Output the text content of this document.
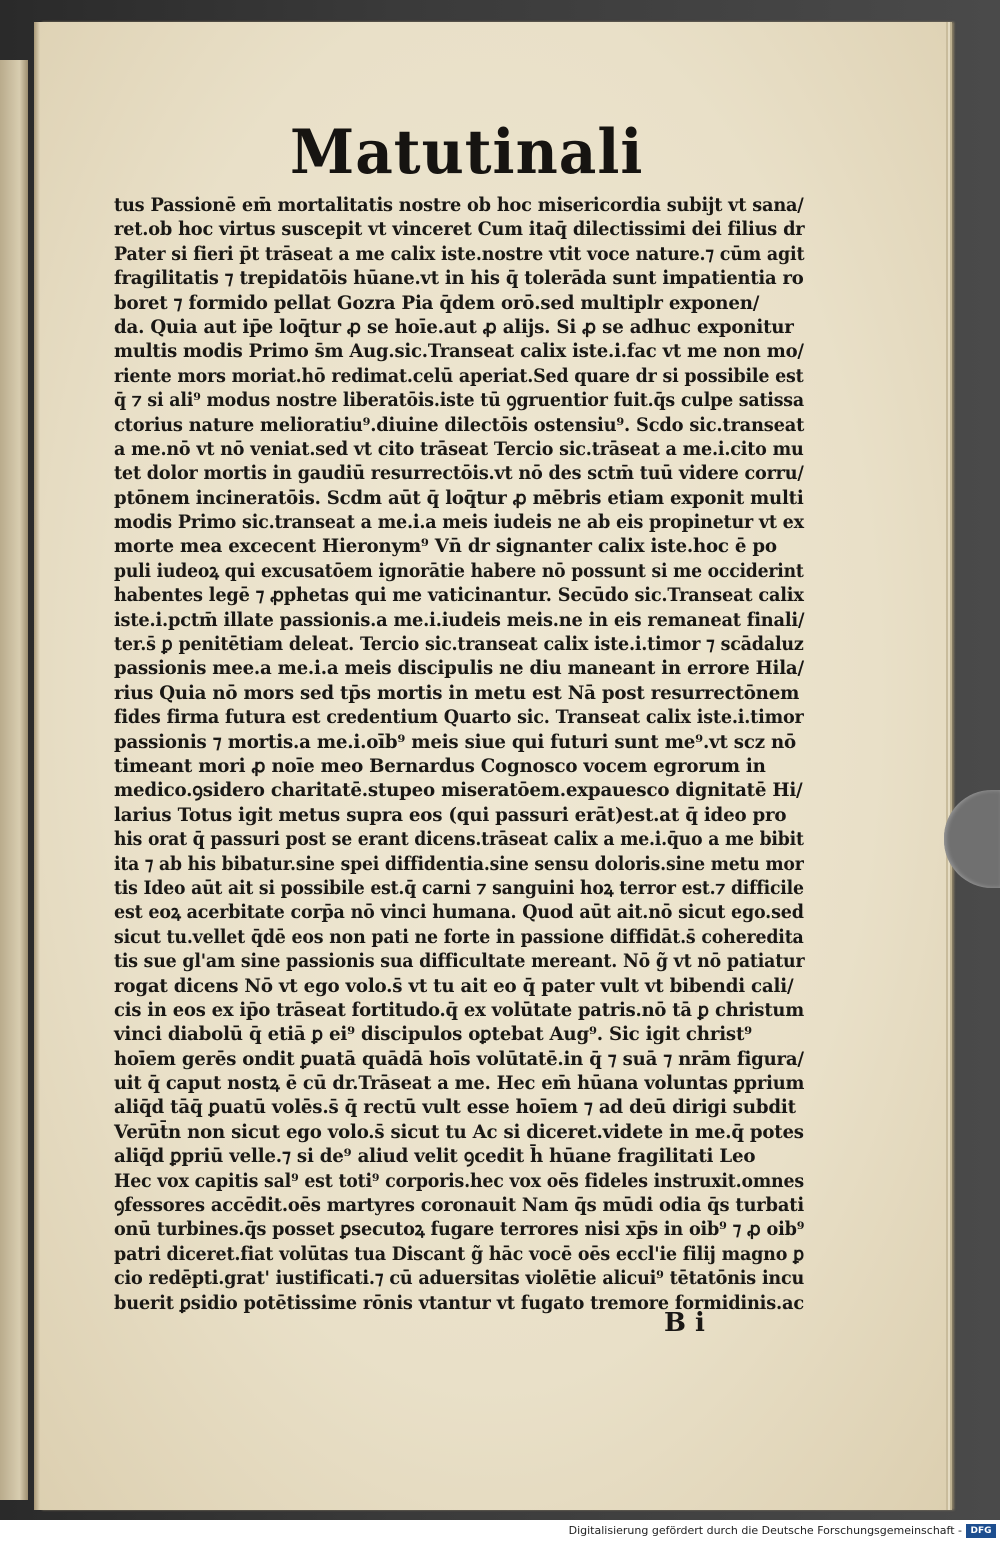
Matutinali
tus Passionē em̄ mortalitatis nostre ob hoc misericordia subijt vt sana/
ret.ob hoc virtus suscepit vt vinceret Cum itaq̄ dilectissimi dei filius dr
Pater si fieri p̄t trāseat a me calix iste.nostre vtit voce nature.⁊ cūm agit
fragilitatis ⁊ trepidatōis hūane.vt in his q̄ tolerāda sunt impatientia ro
boret ⁊ formido pellat Gozra Pia q̄dem orō.sed multiplr exponen/
da. Quia aut ip̄e loq̄tur ꝓ se hoīe.aut ꝓ alijs. Si ꝓ se adhuc exponitur
multis modis Primo s̄m Aug.sic.Transeat calix iste.i.fac vt me non mo/
riente mors moriat.hō redimat.celū aperiat.Sed quare dr si possibile est
q̄ ⁊ si ali⁹ modus nostre liberatōis.iste tū ꝯgruentior fuit.q̄s culpe satissa
ctorius nature melioratiu⁹.diuine dilectōis ostensiu⁹. Scdo sic.transeat
a me.nō vt nō veniat.sed vt cito trāseat Tercio sic.trāseat a me.i.cito mu
tet dolor mortis in gaudiū resurrectōis.vt nō des sctm̄ tuū videre corru/
ptōnem incineratōis. Scdm aūt q̄ loq̄tur ꝓ mēbris etiam exponit multi
modis Primo sic.transeat a me.i.a meis iudeis ne ab eis propinetur vt ex
morte mea excecent Hieronym⁹ Vn̄ dr signanter calix iste.hoc ē po
puli iudeoꝝ qui excusatōem ignorātie habere nō possunt si me occiderint
habentes legē ⁊ ꝓphetas qui me vaticinantur. Secūdo sic.Transeat calix
iste.i.pctm̄ illate passionis.a me.i.iudeis meis.ne in eis remaneat finali/
ter.s̄ ꝑ penitētiam deleat. Tercio sic.transeat calix iste.i.timor ⁊ scādaluz
passionis mee.a me.i.a meis discipulis ne diu maneant in errore Hila/
rius Quia nō mors sed tp̄s mortis in metu est Nā post resurrectōnem
fides firma futura est credentium Quarto sic. Transeat calix iste.i.timor
passionis ⁊ mortis.a me.i.oīb⁹ meis siue qui futuri sunt me⁹.vt scz nō
timeant mori ꝓ noīe meo Bernardus Cognosco vocem egrorum in
medico.ꝯsidero charitatē.stupeo miseratōem.expauesco dignitatē Hi/
larius Totus igit metus supra eos (qui passuri erāt)est.at q̄ ideo pro
his orat q̄ passuri post se erant dicens.trāseat calix a me.i.q̄uo a me bibit
ita ⁊ ab his bibatur.sine spei diffidentia.sine sensu doloris.sine metu mor
tis Ideo aūt ait si possibile est.q̄ carni ⁊ sanguini hoꝝ terror est.⁊ difficile
est eoꝝ acerbitate corp̄a nō vinci humana. Quod aūt ait.nō sicut ego.sed
sicut tu.vellet q̄dē eos non pati ne forte in passione diffidāt.s̄ coheredita
tis sue gl'am sine passionis sua difficultate mereant. Nō g̃ vt nō patiatur
rogat dicens Nō vt ego volo.s̄ vt tu ait eo q̄ pater vult vt bibendi cali/
cis in eos ex ip̄o trāseat fortitudo.q̄ ex volūtate patris.nō tā ꝑ christum
vinci diabolū q̄ etiā ꝑ ei⁹ discipulos oꝑtebat Aug⁹. Sic igit christ⁹
hoīem gerēs ondit ꝑuatā quādā hoīs volūtatē.in q̄ ⁊ suā ⁊ nrām figura/
uit q̄ caput nostꝝ ē cū dr.Trāseat a me. Hec em̄ hūana voluntas ꝑprium
aliq̄d tāq̄ ꝑuatū volēs.s̄ q̄ rectū vult esse hoīem ⁊ ad deū dirigi subdit
Verūt̄n non sicut ego volo.s̄ sicut tu Ac si diceret.videte in me.q̄ potes
aliq̄d ꝑpriū velle.⁊ si de⁹ aliud velit ꝯcedit h̄ hūane fragilitati Leo
Hec vox capitis sal⁹ est toti⁹ corporis.hec vox oēs fideles instruxit.omnes
ꝯfessores accēdit.oēs martyres coronauit Nam q̄s mūdi odia q̄s turbati
onū turbines.q̄s posset ꝑsecutoꝝ fugare terrores nisi xp̄s in oib⁹ ⁊ ꝓ oib⁹
patri diceret.fiat volūtas tua Discant g̃ hāc vocē oēs eccl'ie filij magno ꝑ
cio redēpti.grat' iustificati.⁊ cū aduersitas violētie alicui⁹ tētatōnis incu
buerit ꝑsidio potētissime rōnis vtantur vt fugato tremore formidinis.ac
B i
Digitalisierung gefördert durch die Deutsche Forschungsgemeinschaft - DFG
